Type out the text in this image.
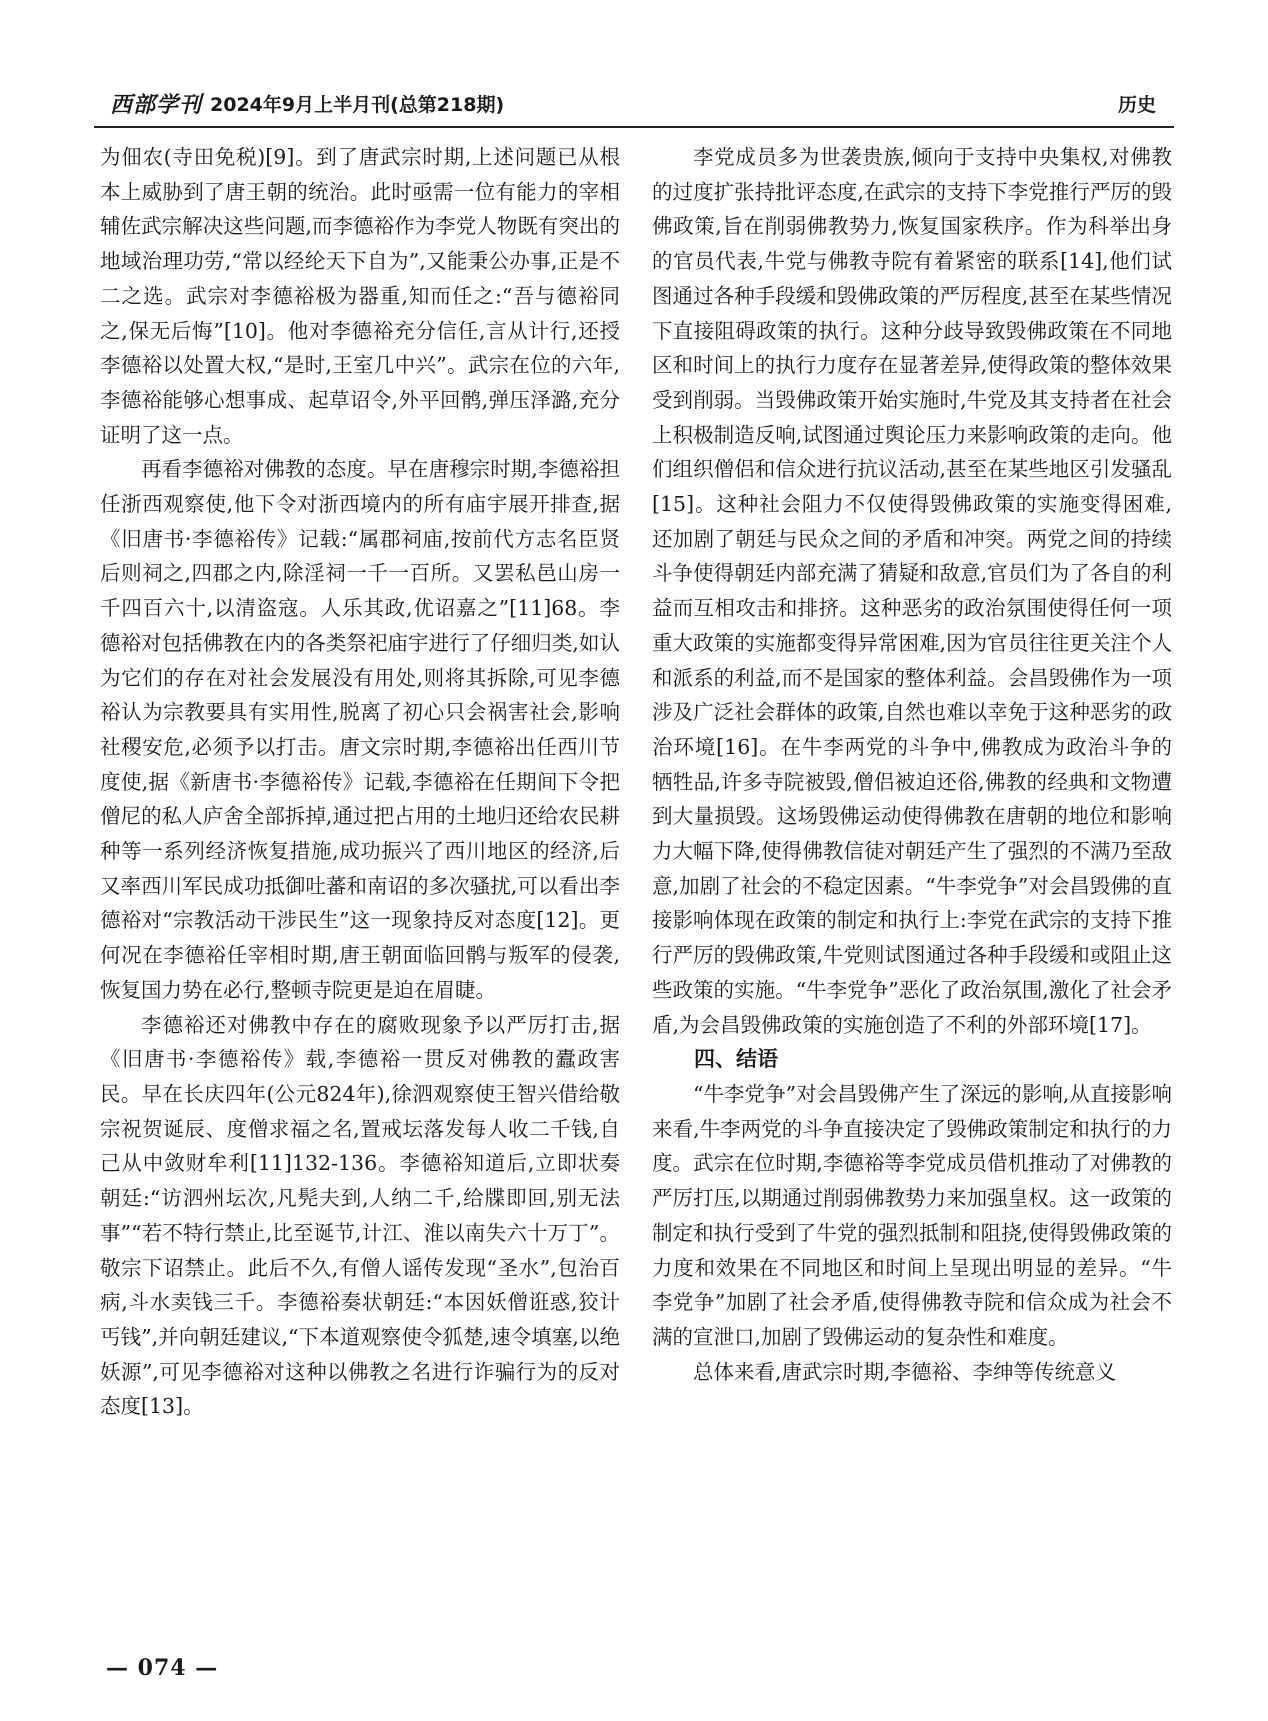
西部学刊 2024年9月上半月刊(总第218期)	历史

为佃农(寺田免税)[9]。到了唐武宗时期,上述问题已从根本上威胁到了唐王朝的统治。此时亟需一位有能力的宰相辅佐武宗解决这些问题,而李德裕作为李党人物既有突出的地域治理功劳,“常以经纶天下自为”,又能秉公办事,正是不二之选。武宗对李德裕极为器重,知而任之:“吾与德裕同之,保无后悔”[10]。他对李德裕充分信任,言从计行,还授李德裕以处置大权,“是时,王室几中兴”。武宗在位的六年,李德裕能够心想事成、起草诏令,外平回鹘,弹压泽潞,充分证明了这一点。

再看李德裕对佛教的态度。早在唐穆宗时期,李德裕担任浙西观察使,他下令对浙西境内的所有庙宇展开排查,据《旧唐书·李德裕传》记载:“属郡祠庙,按前代方志名臣贤后则祠之,四郡之内,除淫祠一千一百所。又罢私邑山房一千四百六十,以清盗寇。人乐其政,优诏嘉之”[11]68。李德裕对包括佛教在内的各类祭祀庙宇进行了仔细归类,如认为它们的存在对社会发展没有用处,则将其拆除,可见李德裕认为宗教要具有实用性,脱离了初心只会祸害社会,影响社稷安危,必须予以打击。唐文宗时期,李德裕出任西川节度使,据《新唐书·李德裕传》记载,李德裕在任期间下令把僧尼的私人庐舍全部拆掉,通过把占用的土地归还给农民耕种等一系列经济恢复措施,成功振兴了西川地区的经济,后又率西川军民成功抵御吐蕃和南诏的多次骚扰,可以看出李德裕对“宗教活动干涉民生”这一现象持反对态度[12]。更何况在李德裕任宰相时期,唐王朝面临回鹘与叛军的侵袭,恢复国力势在必行,整顿寺院更是迫在眉睫。

李德裕还对佛教中存在的腐败现象予以严厉打击,据《旧唐书·李德裕传》载,李德裕一贯反对佛教的蠹政害民。早在长庆四年(公元824年),徐泗观察使王智兴借给敬宗祝贺诞辰、度僧求福之名,置戒坛落发每人收二千钱,自己从中敛财牟利[11]132-136。李德裕知道后,立即状奏朝廷:“访泗州坛次,凡髡夫到,人纳二千,给牒即回,别无法事”“若不特行禁止,比至诞节,计江、淮以南失六十万丁”。敬宗下诏禁止。此后不久,有僧人谣传发现“圣水”,包治百病,斗水卖钱三千。李德裕奏状朝廷:“本因妖僧诳惑,狡计丐钱”,并向朝廷建议,“下本道观察使令狐楚,速令填塞,以绝妖源”,可见李德裕对这种以佛教之名进行诈骗行为的反对态度[13]。

李党成员多为世袭贵族,倾向于支持中央集权,对佛教的过度扩张持批评态度,在武宗的支持下李党推行严厉的毁佛政策,旨在削弱佛教势力,恢复国家秩序。作为科举出身的官员代表,牛党与佛教寺院有着紧密的联系[14],他们试图通过各种手段缓和毁佛政策的严厉程度,甚至在某些情况下直接阻碍政策的执行。这种分歧导致毁佛政策在不同地区和时间上的执行力度存在显著差异,使得政策的整体效果受到削弱。当毁佛政策开始实施时,牛党及其支持者在社会上积极制造反响,试图通过舆论压力来影响政策的走向。他们组织僧侣和信众进行抗议活动,甚至在某些地区引发骚乱[15]。这种社会阻力不仅使得毁佛政策的实施变得困难,还加剧了朝廷与民众之间的矛盾和冲突。两党之间的持续斗争使得朝廷内部充满了猜疑和敌意,官员们为了各自的利益而互相攻击和排挤。这种恶劣的政治氛围使得任何一项重大政策的实施都变得异常困难,因为官员往往更关注个人和派系的利益,而不是国家的整体利益。会昌毁佛作为一项涉及广泛社会群体的政策,自然也难以幸免于这种恶劣的政治环境[16]。在牛李两党的斗争中,佛教成为政治斗争的牺牲品,许多寺院被毁,僧侣被迫还俗,佛教的经典和文物遭到大量损毁。这场毁佛运动使得佛教在唐朝的地位和影响力大幅下降,使得佛教信徒对朝廷产生了强烈的不满乃至敌意,加剧了社会的不稳定因素。“牛李党争”对会昌毁佛的直接影响体现在政策的制定和执行上:李党在武宗的支持下推行严厉的毁佛政策,牛党则试图通过各种手段缓和或阻止这些政策的实施。“牛李党争”恶化了政治氛围,激化了社会矛盾,为会昌毁佛政策的实施创造了不利的外部环境[17]。

四、结语

“牛李党争”对会昌毁佛产生了深远的影响,从直接影响来看,牛李两党的斗争直接决定了毁佛政策制定和执行的力度。武宗在位时期,李德裕等李党成员借机推动了对佛教的严厉打压,以期通过削弱佛教势力来加强皇权。这一政策的制定和执行受到了牛党的强烈抵制和阻挠,使得毁佛政策的力度和效果在不同地区和时间上呈现出明显的差异。“牛李党争”加剧了社会矛盾,使得佛教寺院和信众成为社会不满的宣泄口,加剧了毁佛运动的复杂性和难度。

总体来看,唐武宗时期,李德裕、李绅等传统意义

— 074 —
